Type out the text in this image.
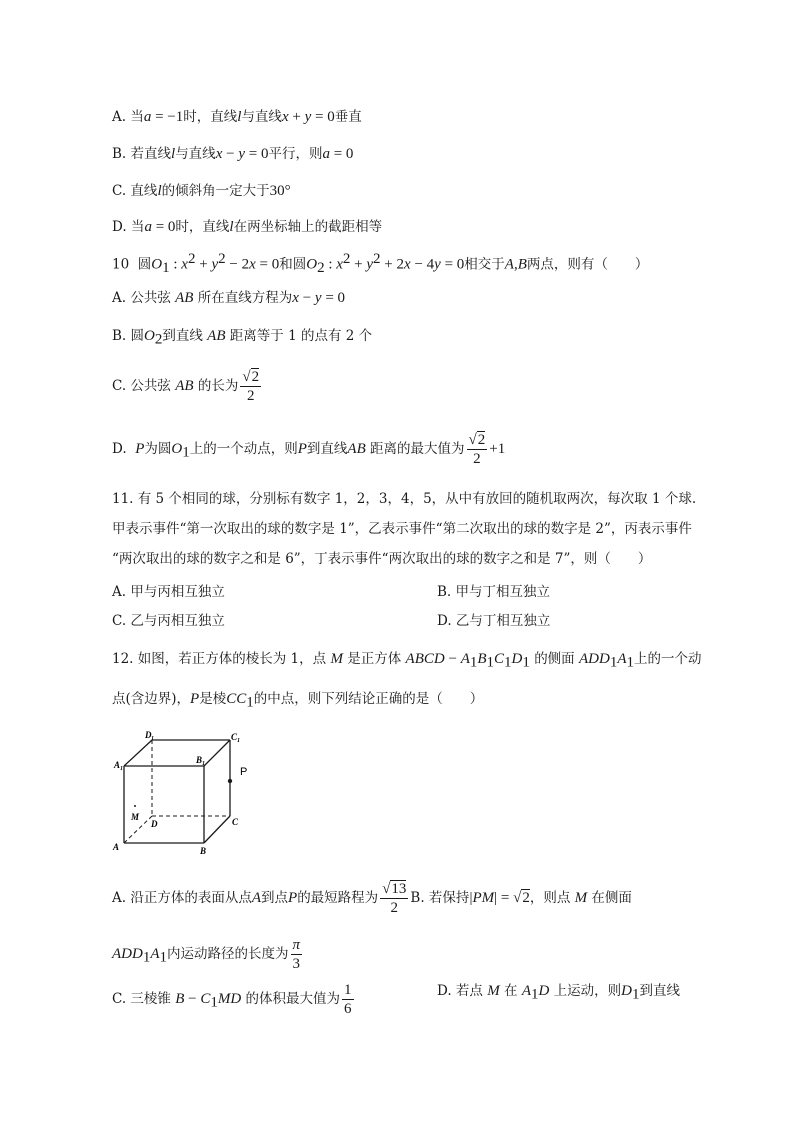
A. 当a = −1时，直线l与直线x + y = 0垂直
B. 若直线l与直线x − y = 0平行，则a = 0
C. 直线l的倾斜角一定大于30°
D. 当a = 0时，直线l在两坐标轴上的截距相等
10 圆$O_1$ : $x^2 + y^2 - 2x = 0$和圆$O_2$ : $x^2 + y^2 + 2x - 4y = 0$相交于A,B两点，则有（　　）
A. 公共弦 AB 所在直线方程为x − y = 0
B. 圆$O_2$到直线 AB 距离等于 1 的点有 2 个
C. 公共弦 AB 的长为 $\frac{√2}{2}$
D. P为圆$O_1$上的一个动点，则P到直线AB 距离的最大值为 $\frac{√2}{2} +1$
11. 有 5 个相同的球，分别标有数字 1，2，3，4，5，从中有放回的随机取两次，每次取 1 个球.
甲表示事件“第一次取出的球的数字是 1”，乙表示事件“第二次取出的球的数字是 2”，丙表示事件
“两次取出的球的数字之和是 6”，丁表示事件“两次取出的球的数字之和是 7”，则（　　）
A. 甲与丙相互独立	B. 甲与丁相互独立
C. 乙与丙相互独立	D. 乙与丁相互独立
12. 如图，若正方体的棱长为 1，点 M 是正方体 ABCD − $A_1B_1C_1D_1$ 的侧面 $ADD_1A_1$上的一个动
点(含边界)，P是棱$CC_1$的中点，则下列结论正确的是（　　）
A	B
C
D
A 1
B 1
C 1
D 1
M
P
A. 沿正方体的表面从点A到点P的最短路程为 $\frac{√13}{2} B$. 若保持|PM| = √2，则点 M 在侧面
$ADD_1A_1$内运动路径的长度为 $\frac{\pi}{3}$
C. 三棱锥 $B - C_1MD$ 的体积最大值为 $\frac{1}{6}$	D. 若点 M 在 $A_1D$ 上运动，则$D_1$到直线
